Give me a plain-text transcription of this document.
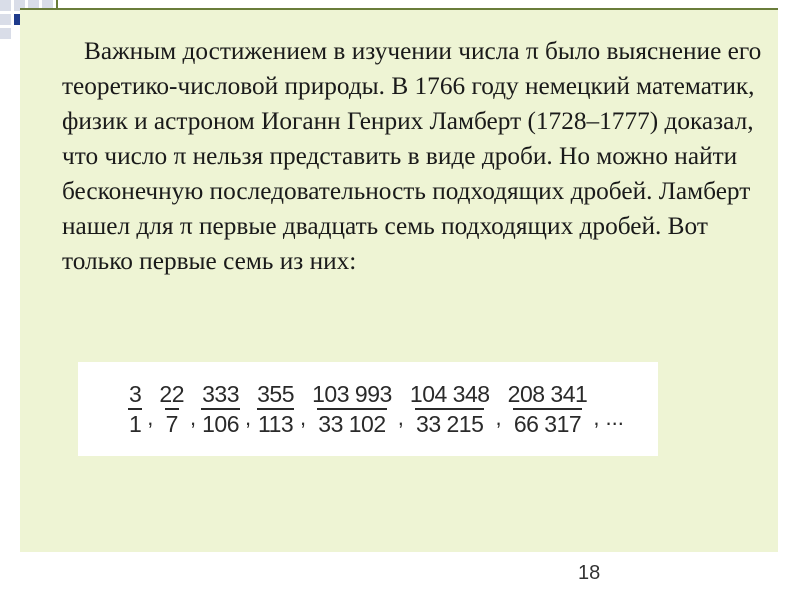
Важным достижением в изучении числа π было выяснение его теоретико-числовой природы. В 1766 году немецкий математик, физик и астроном Иоганн Генрих Ламберт (1728–1777) доказал, что число π нельзя представить в виде дроби. Но можно найти бесконечную последовательность подходящих дробей. Ламберт нашел для π первые двадцать семь подходящих дробей. Вот только первые семь из них:

$\frac{3}{1}$ , $\frac{22}{7}$ , $\frac{333}{106}$ , $\frac{355}{113}$ , $\frac{103 993}{33 102}$ , $\frac{104 348}{33 215}$ , $\frac{208 341}{66 317}$ , ...
18
